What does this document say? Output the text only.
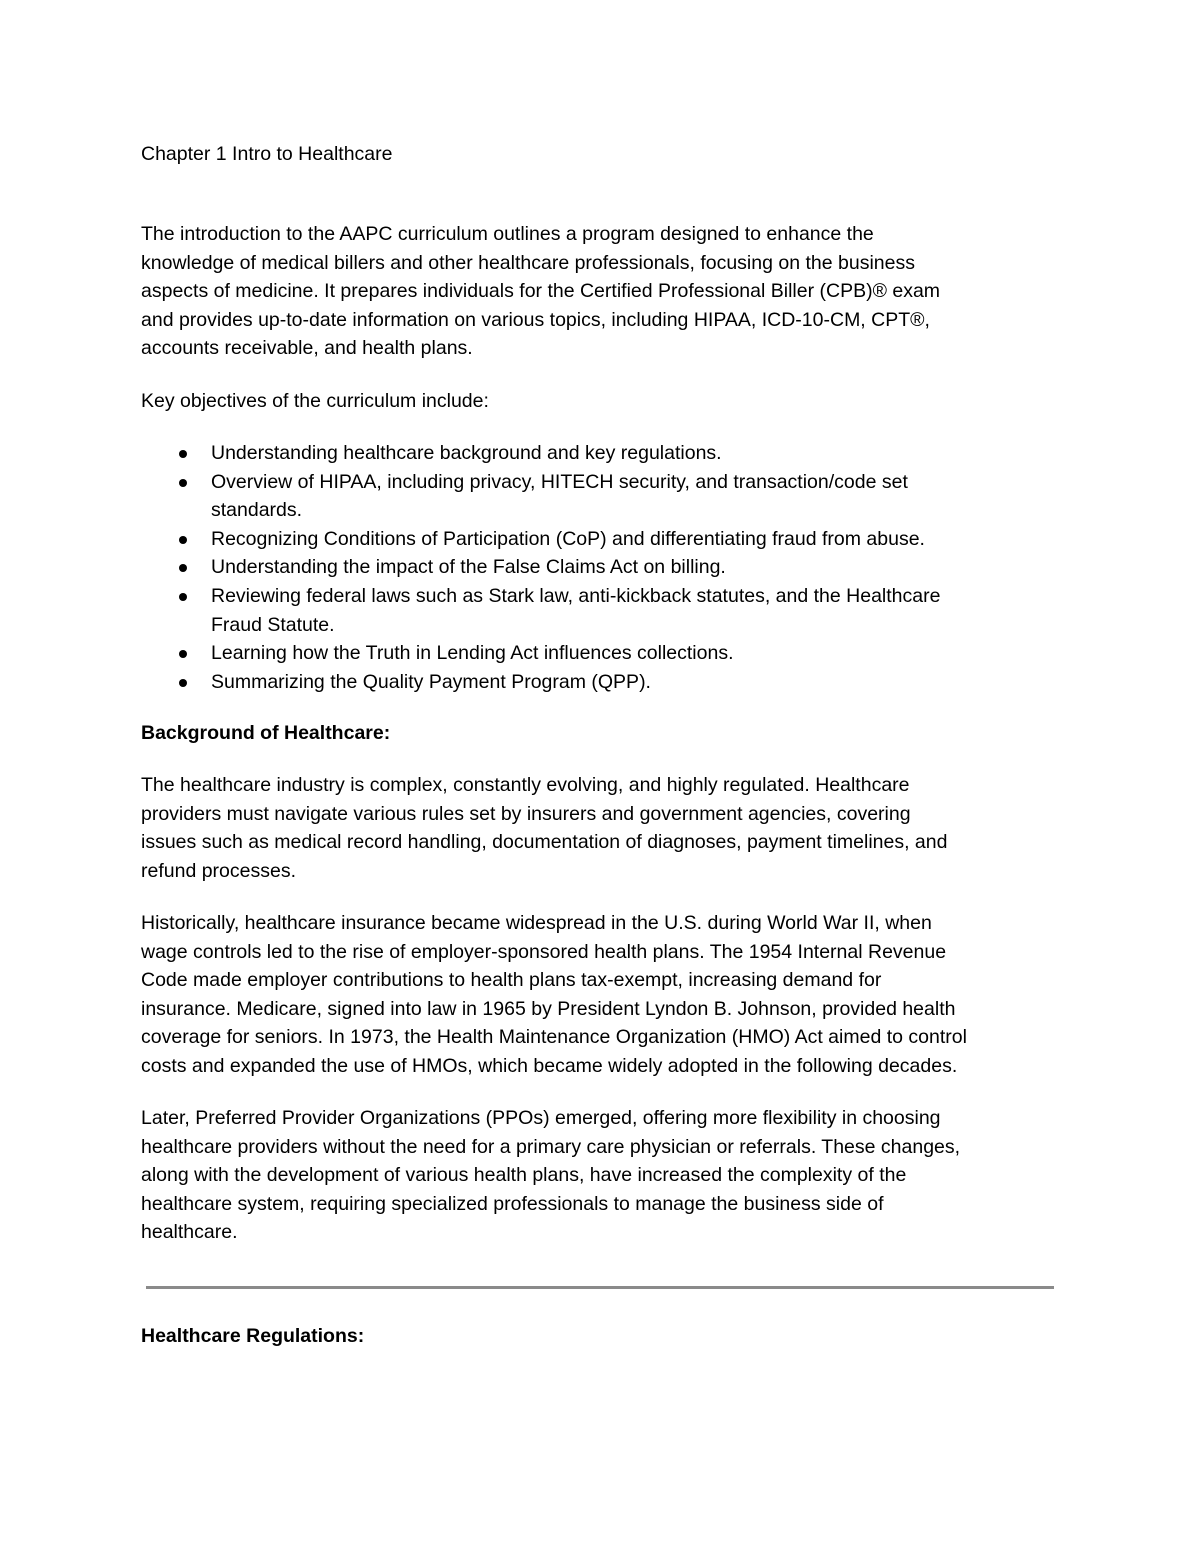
Chapter 1 Intro to Healthcare
The introduction to the AAPC curriculum outlines a program designed to enhance the
knowledge of medical billers and other healthcare professionals, focusing on the business
aspects of medicine. It prepares individuals for the Certified Professional Biller (CPB)® exam
and provides up-to-date information on various topics, including HIPAA, ICD-10-CM, CPT®,
accounts receivable, and health plans.
Key objectives of the curriculum include:
Understanding healthcare background and key regulations.
Overview of HIPAA, including privacy, HITECH security, and transaction/code set
standards.
Recognizing Conditions of Participation (CoP) and differentiating fraud from abuse.
Understanding the impact of the False Claims Act on billing.
Reviewing federal laws such as Stark law, anti-kickback statutes, and the Healthcare
Fraud Statute.
Learning how the Truth in Lending Act influences collections.
Summarizing the Quality Payment Program (QPP).
Background of Healthcare:
The healthcare industry is complex, constantly evolving, and highly regulated. Healthcare
providers must navigate various rules set by insurers and government agencies, covering
issues such as medical record handling, documentation of diagnoses, payment timelines, and
refund processes.
Historically, healthcare insurance became widespread in the U.S. during World War II, when
wage controls led to the rise of employer-sponsored health plans. The 1954 Internal Revenue
Code made employer contributions to health plans tax-exempt, increasing demand for
insurance. Medicare, signed into law in 1965 by President Lyndon B. Johnson, provided health
coverage for seniors. In 1973, the Health Maintenance Organization (HMO) Act aimed to control
costs and expanded the use of HMOs, which became widely adopted in the following decades.
Later, Preferred Provider Organizations (PPOs) emerged, offering more flexibility in choosing
healthcare providers without the need for a primary care physician or referrals. These changes,
along with the development of various health plans, have increased the complexity of the
healthcare system, requiring specialized professionals to manage the business side of
healthcare.
Healthcare Regulations:
